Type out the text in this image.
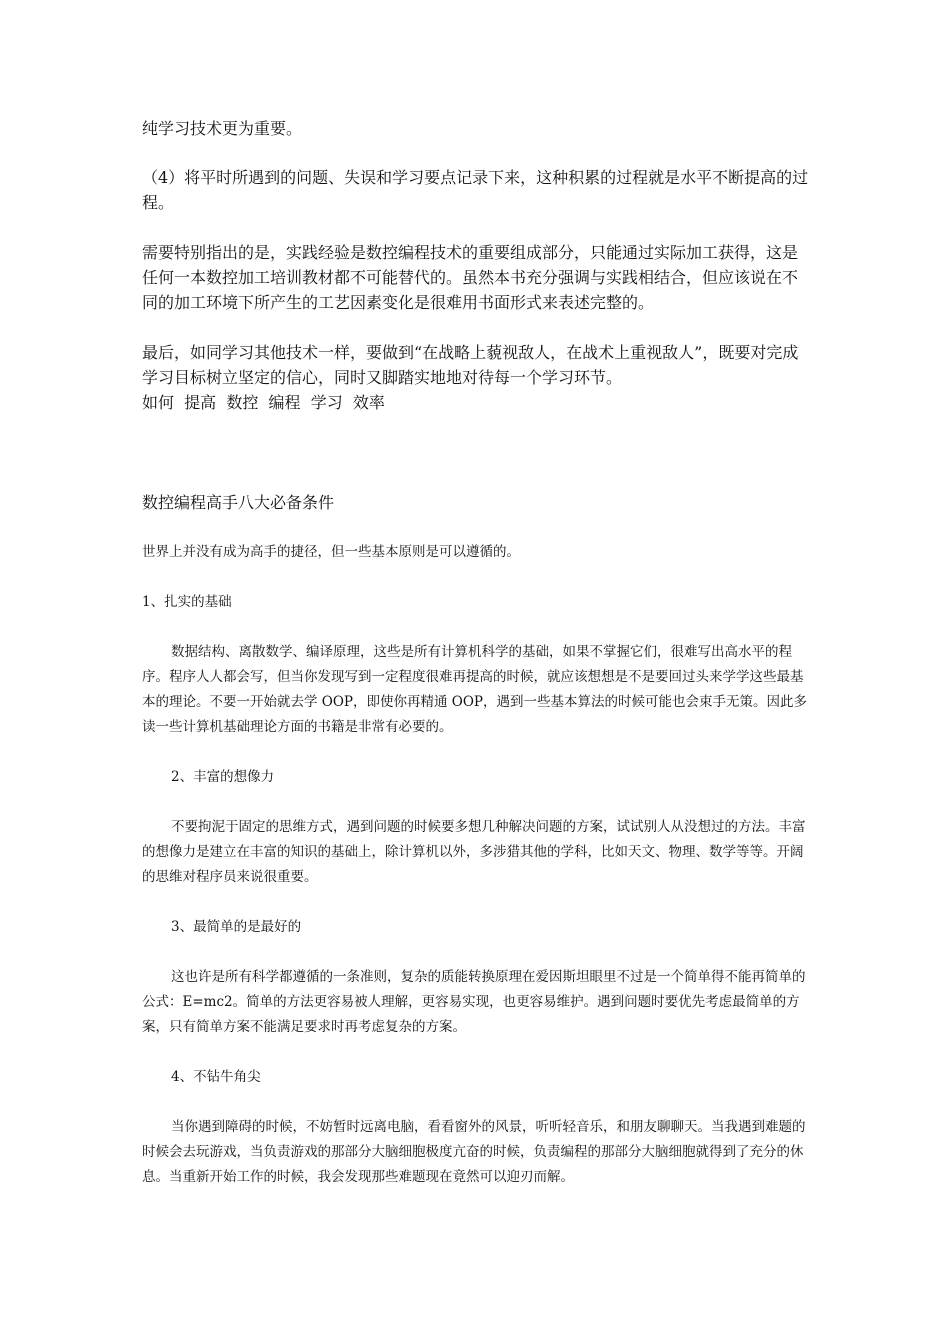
纯学习技术更为重要。

（4）将平时所遇到的问题、失误和学习要点记录下来，这种积累的过程就是水平不断提高的过程。

需要特别指出的是，实践经验是数控编程技术的重要组成部分，只能通过实际加工获得，这是任何一本数控加工培训教材都不可能替代的。虽然本书充分强调与实践相结合，但应该说在不同的加工环境下所产生的工艺因素变化是很难用书面形式来表述完整的。

最后，如同学习其他技术一样，要做到“在战略上藐视敌人，在战术上重视敌人”，既要对完成学习目标树立坚定的信心，同时又脚踏实地地对待每一个学习环节。

如何  提高  数控  编程  学习  效率

数控编程高手八大必备条件

世界上并没有成为高手的捷径，但一些基本原则是可以遵循的。

1、扎实的基础

数据结构、离散数学、编译原理，这些是所有计算机科学的基础，如果不掌握它们，很难写出高水平的程序。程序人人都会写，但当你发现写到一定程度很难再提高的时候，就应该想想是不是要回过头来学学这些最基本的理论。不要一开始就去学 OOP，即使你再精通 OOP，遇到一些基本算法的时候可能也会束手无策。因此多读一些计算机基础理论方面的书籍是非常有必要的。

2、丰富的想像力

不要拘泥于固定的思维方式，遇到问题的时候要多想几种解决问题的方案，试试别人从没想过的方法。丰富的想像力是建立在丰富的知识的基础上，除计算机以外，多涉猎其他的学科，比如天文、物理、数学等等。开阔的思维对程序员来说很重要。

3、最简单的是最好的

这也许是所有科学都遵循的一条准则，复杂的质能转换原理在爱因斯坦眼里不过是一个简单得不能再简单的公式：E=mc2。简单的方法更容易被人理解，更容易实现，也更容易维护。遇到问题时要优先考虑最简单的方案，只有简单方案不能满足要求时再考虑复杂的方案。

4、不钻牛角尖

当你遇到障碍的时候，不妨暂时远离电脑，看看窗外的风景，听听轻音乐，和朋友聊聊天。当我遇到难题的时候会去玩游戏，当负责游戏的那部分大脑细胞极度亢奋的时候，负责编程的那部分大脑细胞就得到了充分的休息。当重新开始工作的时候，我会发现那些难题现在竟然可以迎刃而解。
